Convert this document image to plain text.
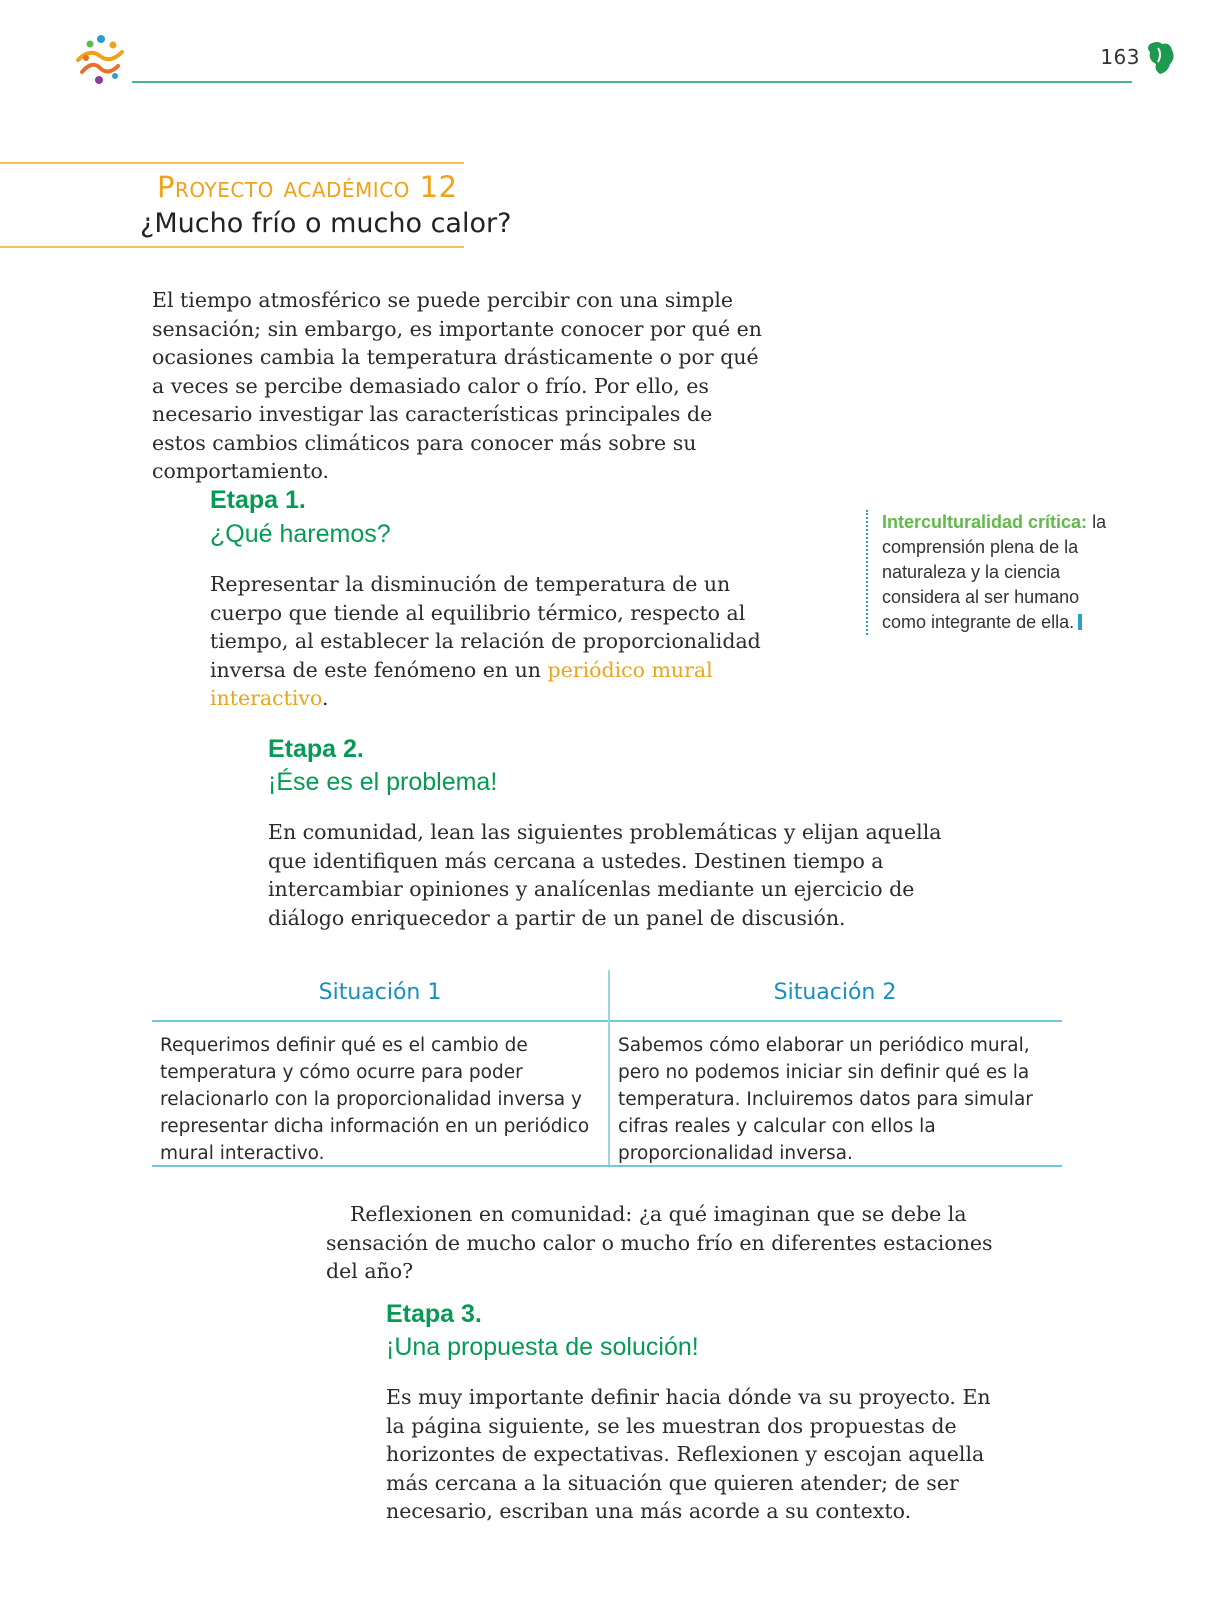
163
Proyecto académico 12
¿Mucho frío o mucho calor?
El tiempo atmosférico se puede percibir con una simple sensación; sin embargo, es importante conocer por qué en ocasiones cambia la temperatura drásticamente o por qué a veces se percibe demasiado calor o frío. Por ello, es necesario investigar las características principales de estos cambios climáticos para conocer más sobre su comportamiento.
Etapa 1.
¿Qué haremos?
Representar la disminución de temperatura de un cuerpo que tiende al equilibrio térmico, respecto al tiempo, al establecer la relación de proporcionalidad inversa de este fenómeno en un periódico mural interactivo.
Interculturalidad crítica: la comprensión plena de la naturaleza y la ciencia considera al ser humano como integrante de ella.
Etapa 2.
¡Ése es el problema!
En comunidad, lean las siguientes problemáticas y elijan aquella que identifiquen más cercana a ustedes. Destinen tiempo a intercambiar opiniones y analícenlas mediante un ejercicio de diálogo enriquecedor a partir de un panel de discusión.
Situación 1	Situación 2
Requerimos definir qué es el cambio de temperatura y cómo ocurre para poder relacionarlo con la proporcionalidad inversa y representar dicha información en un periódico mural interactivo.
Sabemos cómo elaborar un periódico mural, pero no podemos iniciar sin definir qué es la temperatura. Incluiremos datos para simular cifras reales y calcular con ellos la proporcionalidad inversa.
Reflexionen en comunidad: ¿a qué imaginan que se debe la sensación de mucho calor o mucho frío en diferentes estaciones del año?
Etapa 3.
¡Una propuesta de solución!
Es muy importante definir hacia dónde va su proyecto. En la página siguiente, se les muestran dos propuestas de horizontes de expectativas. Reflexionen y escojan aquella más cercana a la situación que quieren atender; de ser necesario, escriban una más acorde a su contexto.
